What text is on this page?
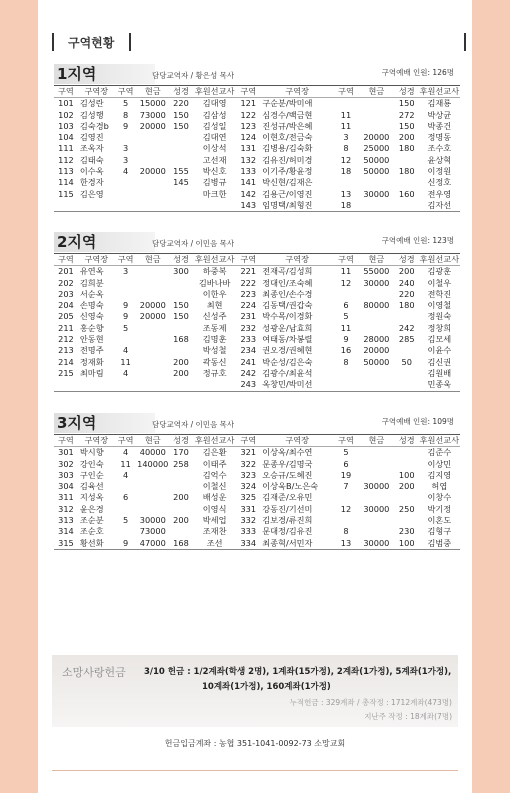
구역현황
1지역	담당교역자 / 황은성 목사	구역예배 인원: 126명
구역	구역장	구역	현금	성경	후원선교사	구역	구역장	구역	현금	성경	후원선교사
101	김성란	5	15000	220	김대영	121	구순분/박미애			150	김재룡
102	김성행	8	73000	150	김삼성	122	심경수/백금현	11		272	박상균
103	김숙경b	9	20000	150	김성일	123	진성규/박은혜	11		150	박종건
104	김영진				김대연	124	이현호/전금숙	3	20000	200	정명동
111	조옥자	3			이상석	131	김병용/김숙화	8	25000	180	조수호
112	김태숙	3			고선재	132	김유진/허미경	12	50000		윤상혁
113	이수옥	4	20000	155	박신호	133	이기주/황윤정	18	50000	180	이정원
114	한경자			145	김병규	141	박신현/김재은				신정호
115	김은영				마크한	142	김용근/이영진	13	30000	160	전우영
						143	임명택/최형진	18			김자선
2지역	담당교역자 / 이민음 목사	구역예배 인원: 123명
구역	구역장	구역	현금	성경	후원선교사	구역	구역장	구역	현금	성경	후원선교사
201	유연옥	3		300	하중복	221	전재곡/김성희	11	55000	200	김광훈
202	김희분				김바나바	222	정대인/조숙혜	12	30000	240	이철우
203	서순옥				이한우	223	최종인/손수경			220	전학진
204	손명숙	9	20000	150	최현	224	김동택/권갑숙	6	80000	180	이영철
205	신영숙	9	20000	150	신성주	231	박수목/이경화	5			정원숙
211	홍순향	5			조동제	232	성광운/남효희	11		242	정창희
212	안동현			168	김명훈	233	여태동/차봉렬	9	28000	285	김모세
213	전명주	4			박성철	234	권오경/권혜현	16	20000		이윤수
214	정재화	11		200	곽동신	241	박순성/김은숙	8	50000	50	김신권
215	최마림	4		200	정규호	242	김광수/최윤석				김원배
						243	옥창민/박미선				민종욱
3지역	담당교역자 / 이민음 목사	구역예배 인원: 109명
구역	구역장	구역	현금	성경	후원선교사	구역	구역장	구역	현금	성경	후원선교사
301	박시향	4	40000	170	김은환	321	이상옥/최수연	5			김준수
302	강인숙	11	140000	258	이태주	322	문종우/김명국	6			이상민
303	구인순	4			김억수	323	오승규/도혜진	19		100	김지영
304	김육선				이철신	324	이상욱B/노은숙	7	30000	200	허엽
311	지성옥	6		200	배성운	325	김재준/오유민				이창수
312	윤은경				이영식	331	강동진/기선미	12	30000	250	박기정
313	조순분	5	30000	200	박세업	332	김보경/류진희				이혼도
314	조순호		73000		조재찬	333	문대정/김유진	8		230	김형구
315	황선화	9	47000	168	조선	334	최종혁/서민자	13	30000	100	김범중
소망사랑헌금 3/10 헌금 : 1/2계좌(학생 2명), 1계좌(15가정), 2계좌(1가정), 5계좌(1가정),
10계좌(1가정), 160계좌(1가정)
누적헌금 : 329계좌 / 총작정 : 1712계좌(473명)
지난주 작정 : 18계좌(7명)
헌금입금계좌 : 농협 351-1041-0092-73 소망교회
